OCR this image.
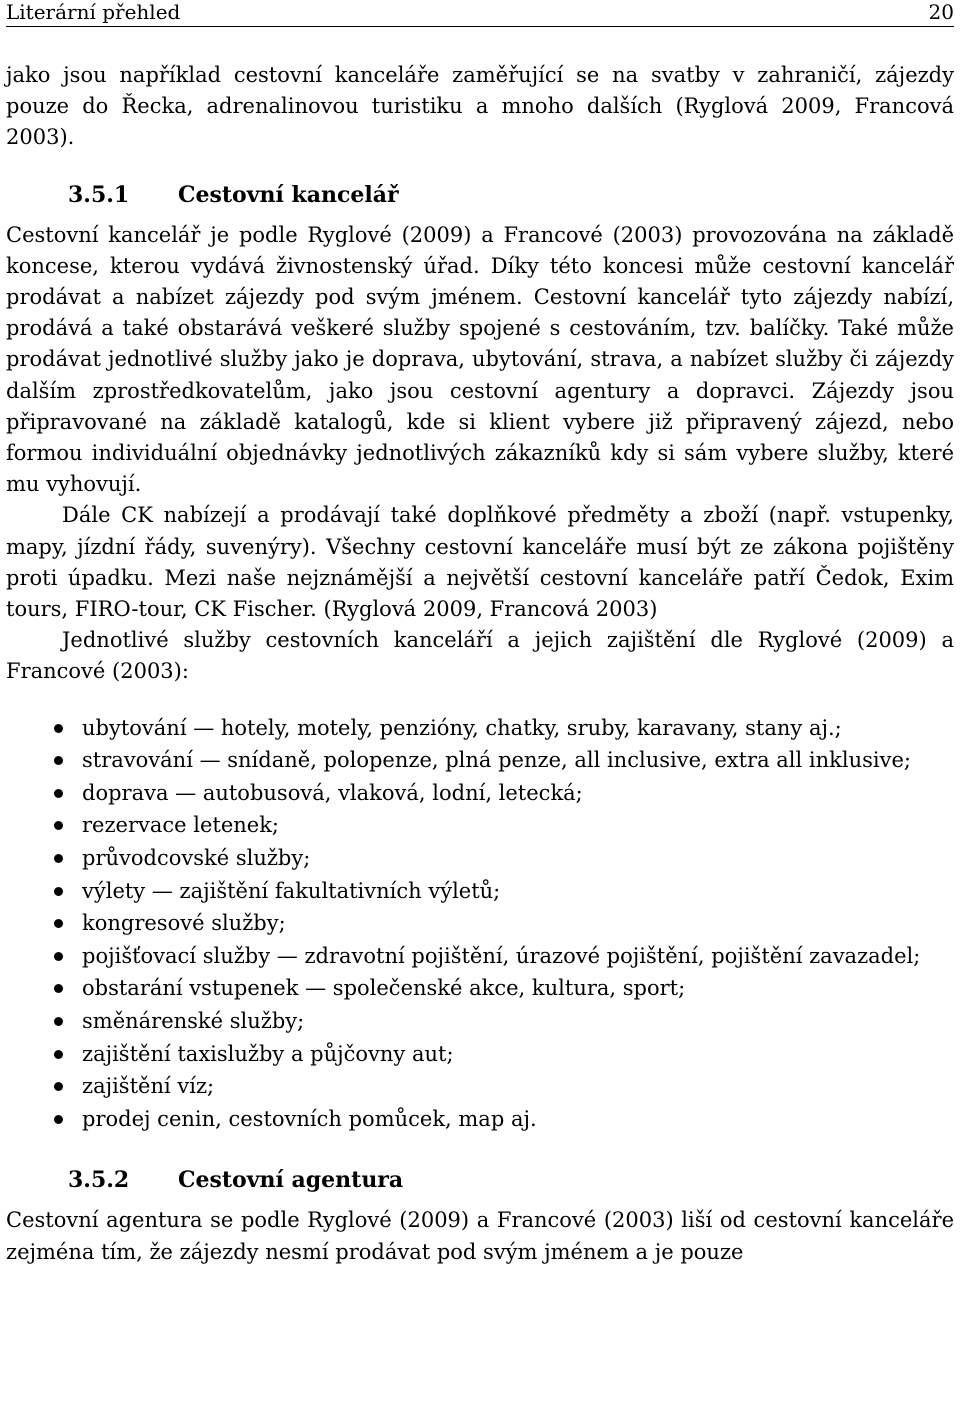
Literární přehled	20

jako jsou například cestovní kanceláře zaměřující se na svatby v zahraničí, zájezdy pouze do Řecka, adrenalinovou turistiku a mnoho dalších (Ryglová 2009, Francová 2003).

3.5.1 Cestovní kancelář

Cestovní kancelář je podle Ryglové (2009) a Francové (2003) provozována na základě koncese, kterou vydává živnostenský úřad. Díky této koncesi může cestovní kancelář prodávat a nabízet zájezdy pod svým jménem. Cestovní kancelář tyto zájezdy nabízí, prodává a také obstarává veškeré služby spojené s cestováním, tzv. balíčky. Také může prodávat jednotlivé služby jako je doprava, ubytování, strava, a nabízet služby či zájezdy dalším zprostředkovatelům, jako jsou cestovní agentury a dopravci. Zájezdy jsou připravované na základě katalogů, kde si klient vybere již připravený zájezd, nebo formou individuální objednávky jednotlivých zákazníků kdy si sám vybere služby, které mu vyhovují.

Dále CK nabízejí a prodávají také doplňkové předměty a zboží (např. vstupenky, mapy, jízdní řády, suvenýry). Všechny cestovní kanceláře musí být ze zákona pojištěny proti úpadku. Mezi naše nejznámější a největší cestovní kanceláře patří Čedok, Exim tours, FIRO-tour, CK Fischer. (Ryglová 2009, Francová 2003)

Jednotlivé služby cestovních kanceláří a jejich zajištění dle Ryglové (2009) a Francové (2003):

ubytování — hotely, motely, penzióny, chatky, sruby, karavany, stany aj.;
stravování — snídaně, polopenze, plná penze, all inclusive, extra all inklusive;
doprava — autobusová, vlaková, lodní, letecká;
rezervace letenek;
průvodcovské služby;
výlety — zajištění fakultativních výletů;
kongresové služby;
pojišťovací služby — zdravotní pojištění, úrazové pojištění, pojištění zavazadel;
obstarání vstupenek — společenské akce, kultura, sport;
směnárenské služby;
zajištění taxislužby a půjčovny aut;
zajištění víz;
prodej cenin, cestovních pomůcek, map aj.
3.5.2 Cestovní agentura

Cestovní agentura se podle Ryglové (2009) a Francové (2003) liší od cestovní kanceláře zejména tím, že zájezdy nesmí prodávat pod svým jménem a je pouze
